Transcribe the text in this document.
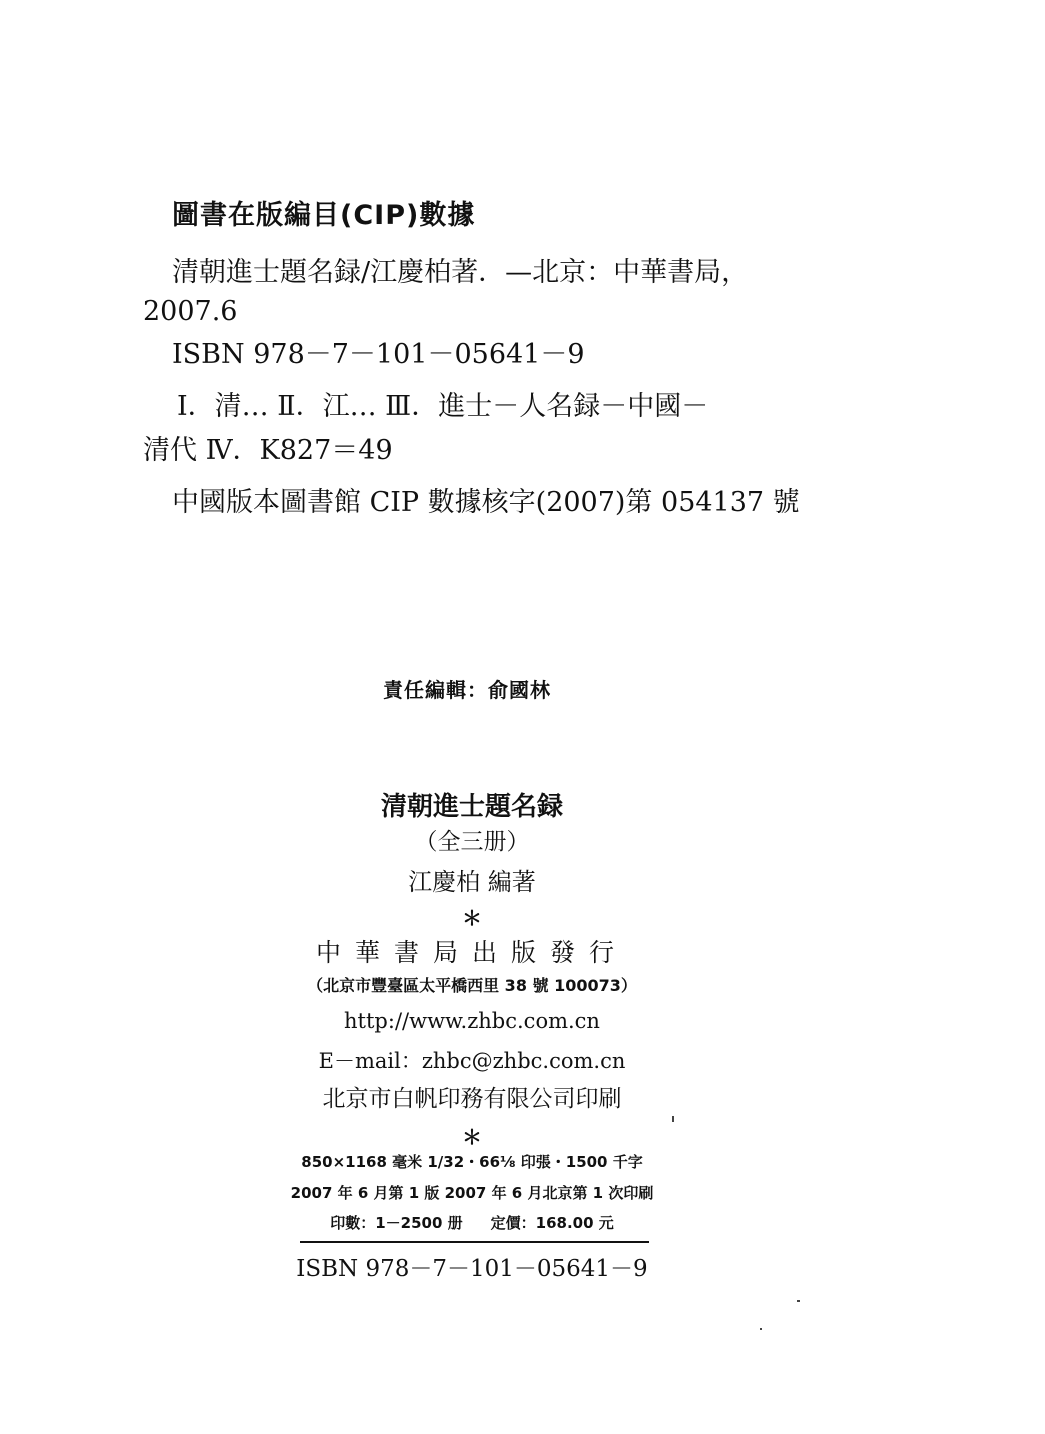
圖書在版編目(CIP)數據
清朝進士題名録/江慶柏著．—北京：中華書局，
2007.6
ISBN 978－7－101－05641－9
Ⅰ．清… Ⅱ．江… Ⅲ．進士－人名録－中國－
清代 Ⅳ．K827＝49
中國版本圖書館 CIP 數據核字(2007)第 054137 號
責任編輯：俞國林
清朝進士題名録
（全三册）
江慶柏 編著
＊
中華書局出版發行
（北京市豐臺區太平橋西里 38 號 100073）
http://www.zhbc.com.cn
E－mail：zhbc@zhbc.com.cn
北京市白帆印務有限公司印刷
＊
850×1168 毫米 1/32・66⅛ 印張・1500 千字
2007 年 6 月第 1 版 2007 年 6 月北京第 1 次印刷
印數：1－2500 册 定價：168.00 元
ISBN 978－7－101－05641－9
